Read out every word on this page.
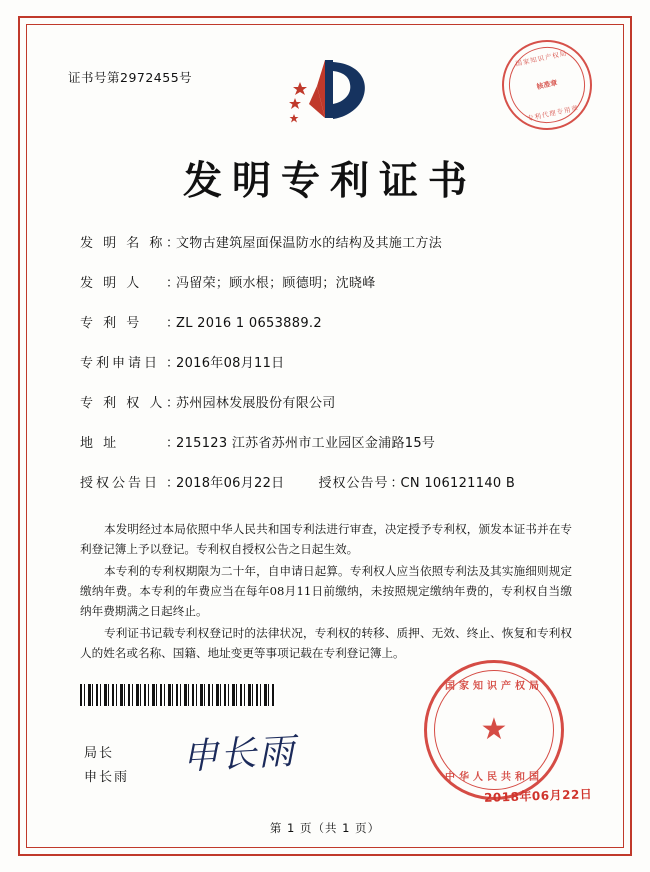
证书号第2972455号
国家知识产权局
核准章
专利代理专用章
发明专利证书
发 明 名 称 ：
文物古建筑屋面保温防水的结构及其施工方法
发 明 人	：
冯留荣；顾水根；顾德明；沈晓峰
专 利 号	：
ZL 2016 1 0653889.2
专利申请日 ：
2016年08月11日
专 利 权 人 ：
苏州园林发展股份有限公司
地 址	：
215123 江苏省苏州市工业园区金浦路15号
授权公告日 ：
2018年06月22日	授权公告号 ：
CN 106121140 B

本发明经过本局依照中华人民共和国专利法进行审查，决定授予专利权，颁发本证书并在专利登记簿上予以登记。专利权自授权公告之日起生效。

本专利的专利权期限为二十年，自申请日起算。专利权人应当依照专利法及其实施细则规定缴纳年费。本专利的年费应当在每年08月11日前缴纳，未按照规定缴纳年费的，专利权自当缴纳年费期满之日起终止。

专利证书记载专利权登记时的法律状况，专利权的转移、质押、无效、终止、恢复和专利权人的姓名或名称、国籍、地址变更等事项记载在专利登记簿上。

局长
申长雨 申长雨
国家知识产权局
★
中华人民共和国
2018年06月22日
第 1 页（共 1 页）
